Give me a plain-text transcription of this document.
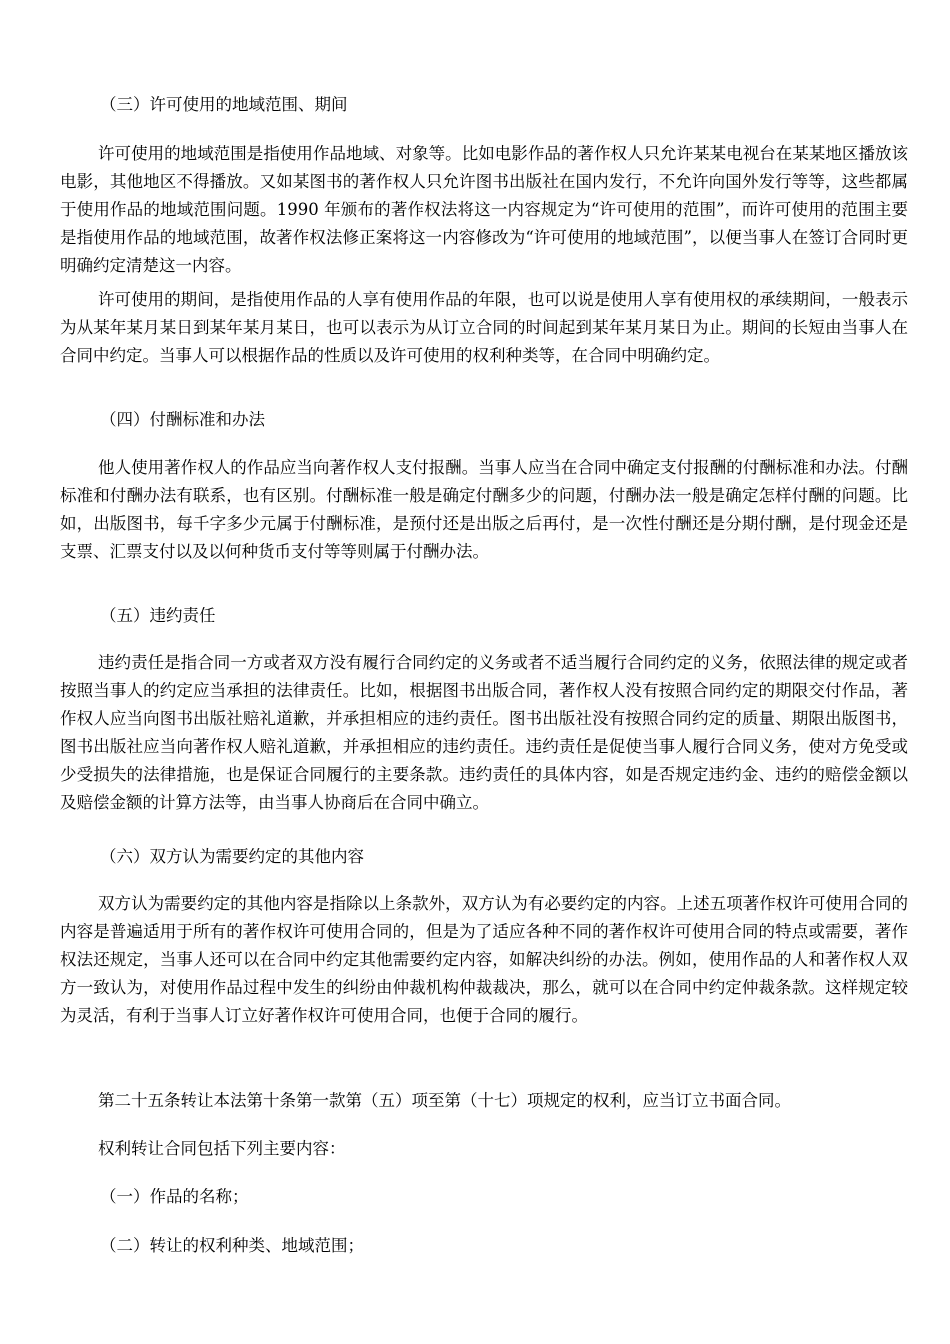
（三）许可使用的地域范围、期间

许可使用的地域范围是指使用作品地域、对象等。比如电影作品的著作权人只允许某某电视台在某某地区播放该电影，其他地区不得播放。又如某图书的著作权人只允许图书出版社在国内发行，不允许向国外发行等等，这些都属于使用作品的地域范围问题。1990 年颁布的著作权法将这一内容规定为“许可使用的范围”，而许可使用的范围主要是指使用作品的地域范围，故著作权法修正案将这一内容修改为“许可使用的地域范围”，以便当事人在签订合同时更明确约定清楚这一内容。

许可使用的期间，是指使用作品的人享有使用作品的年限，也可以说是使用人享有使用权的承续期间，一般表示为从某年某月某日到某年某月某日，也可以表示为从订立合同的时间起到某年某月某日为止。期间的长短由当事人在合同中约定。当事人可以根据作品的性质以及许可使用的权利种类等，在合同中明确约定。

（四）付酬标准和办法

他人使用著作权人的作品应当向著作权人支付报酬。当事人应当在合同中确定支付报酬的付酬标准和办法。付酬标准和付酬办法有联系，也有区别。付酬标准一般是确定付酬多少的问题，付酬办法一般是确定怎样付酬的问题。比如，出版图书，每千字多少元属于付酬标准，是预付还是出版之后再付，是一次性付酬还是分期付酬，是付现金还是支票、汇票支付以及以何种货币支付等等则属于付酬办法。

（五）违约责任

违约责任是指合同一方或者双方没有履行合同约定的义务或者不适当履行合同约定的义务，依照法律的规定或者按照当事人的约定应当承担的法律责任。比如，根据图书出版合同，著作权人没有按照合同约定的期限交付作品，著作权人应当向图书出版社赔礼道歉，并承担相应的违约责任。图书出版社没有按照合同约定的质量、期限出版图书，图书出版社应当向著作权人赔礼道歉，并承担相应的违约责任。违约责任是促使当事人履行合同义务，使对方免受或少受损失的法律措施，也是保证合同履行的主要条款。违约责任的具体内容，如是否规定违约金、违约的赔偿金额以及赔偿金额的计算方法等，由当事人协商后在合同中确立。

（六）双方认为需要约定的其他内容

双方认为需要约定的其他内容是指除以上条款外，双方认为有必要约定的内容。上述五项著作权许可使用合同的内容是普遍适用于所有的著作权许可使用合同的，但是为了适应各种不同的著作权许可使用合同的特点或需要，著作权法还规定，当事人还可以在合同中约定其他需要约定内容，如解决纠纷的办法。例如，使用作品的人和著作权人双方一致认为，对使用作品过程中发生的纠纷由仲裁机构仲裁裁决，那么，就可以在合同中约定仲裁条款。这样规定较为灵活，有利于当事人订立好著作权许可使用合同，也便于合同的履行。

第二十五条转让本法第十条第一款第（五）项至第（十七）项规定的权利，应当订立书面合同。

权利转让合同包括下列主要内容：

（一）作品的名称；

（二）转让的权利种类、地域范围；
